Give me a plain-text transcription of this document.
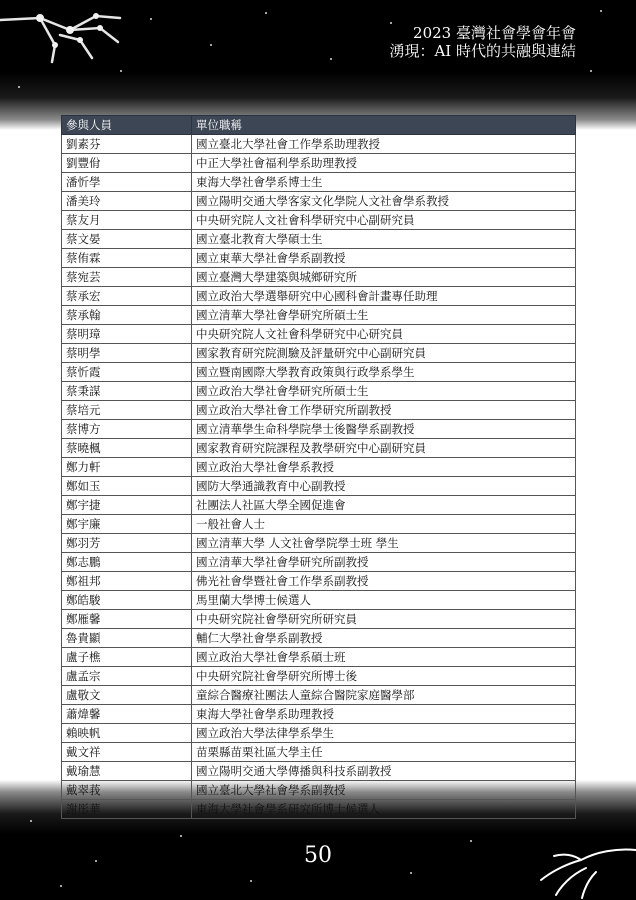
2023 臺灣社會學會年會
湧現：AI 時代的共融與連結
參與人員	單位職稱
劉素芬	國立臺北大學社會工作學系助理教授
劉豐佾	中正大學社會福利學系助理教授
潘忻學	東海大學社會學系博士生
潘美玲	國立陽明交通大學客家文化學院人文社會學系教授
蔡友月	中央研究院人文社會科學研究中心副研究員
蔡文晏	國立臺北教育大學碩士生
蔡侑霖	國立東華大學社會學系副教授
蔡宛芸	國立臺灣大學建築與城鄉研究所
蔡承宏	國立政治大學選舉研究中心國科會計畫專任助理
蔡承翰	國立清華大學社會學研究所碩士生
蔡明璋	中央研究院人文社會科學研究中心研究員
蔡明學	國家教育研究院測驗及評量研究中心副研究員
蔡忻霞	國立暨南國際大學教育政策與行政學系學生
蔡秉謀	國立政治大學社會學研究所碩士生
蔡培元	國立政治大學社會工作學研究所副教授
蔡博方	國立清華學生命科學院學士後醫學系副教授
蔡曉楓	國家教育研究院課程及教學研究中心副研究員
鄭力軒	國立政治大學社會學系教授
鄭如玉	國防大學通識教育中心副教授
鄭宇捷	社團法人社區大學全國促進會
鄭宇廉	一般社會人士
鄭羽芳	國立清華大學 人文社會學院學士班 學生
鄭志鵬	國立清華大學社會學研究所副教授
鄭祖邦	佛光社會學暨社會工作學系副教授
鄭皓駿	馬里蘭大學博士候選人
鄭雁馨	中央研究院社會學研究所研究員
魯貴顯	輔仁大學社會學系副教授
盧子樵	國立政治大學社會學系碩士班
盧孟宗	中央研究院社會學研究所博士後
盧敬文	童綜合醫療社團法人童綜合醫院家庭醫學部
蕭煒馨	東海大學社會學系助理教授
賴映帆	國立政治大學法律學系學生
戴文祥	苗栗縣苗栗社區大學主任
戴瑜慧	國立陽明交通大學傳播與科技系副教授
戴翠莪	國立臺北大學社會學系副教授
謝彤華	東海大學社會學系研究所博士候選人
50
